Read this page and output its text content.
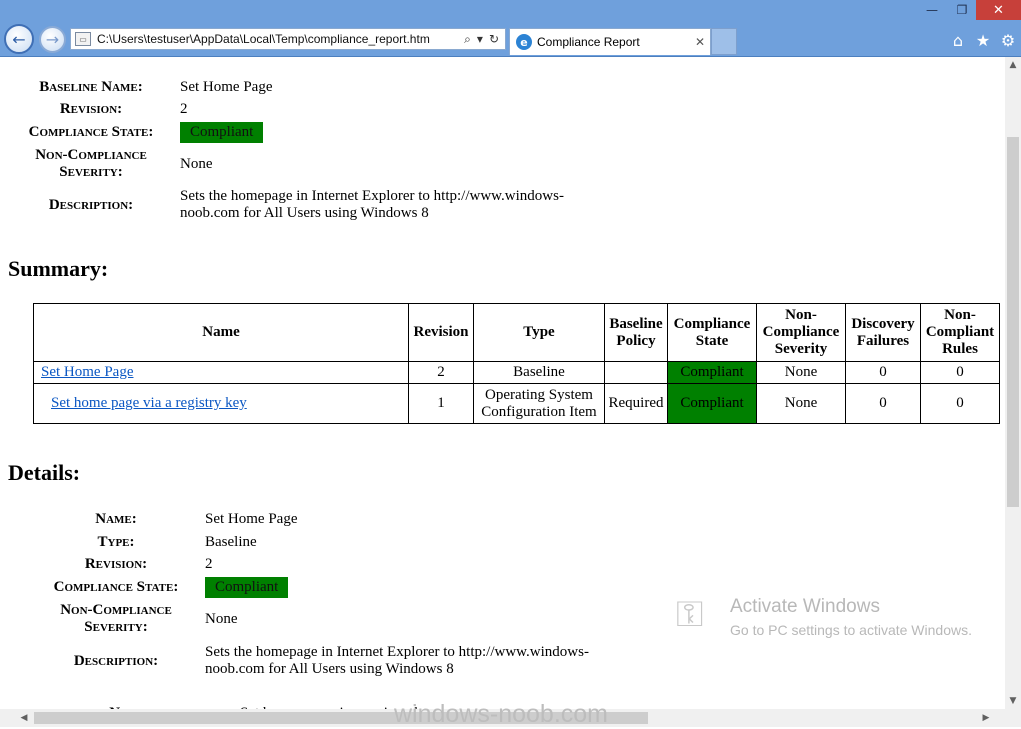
—	❐	✕
← →	▭ C:\Users\testuser\AppData\Local\Temp\compliance_report.htm	⌕ ▾ ↻	e Compliance Report	✕	⌂ ★ ⚙
Baseline Name:	Set Home Page
Revision:	2
Compliance State:	Compliant
Non-Compliance Severity:	None
Description:	Sets the homepage in Internet Explorer to http://www.windows-noob.com for All Users using Windows 8
Summary:
Name	Revision	Type	Baseline Policy	Compliance State	Non-Compliance Severity	Discovery Failures	Non-Compliant Rules
Set Home Page	2	Baseline		Compliant	None	0	0
Set home page via a registry key	1	Operating System Configuration Item	Required	Compliant	None	0	0
Details:
Name:	Set Home Page
Type:	Baseline
Revision:	2
Compliance State:	Compliant
Non-Compliance Severity:	None
Description:	Sets the homepage in Internet Explorer to http://www.windows-noob.com for All Users using Windows 8

⚿ Activate Windows
Go to PC settings to activate Windows.
▲
▼
◀	▶
windows-noob.com
